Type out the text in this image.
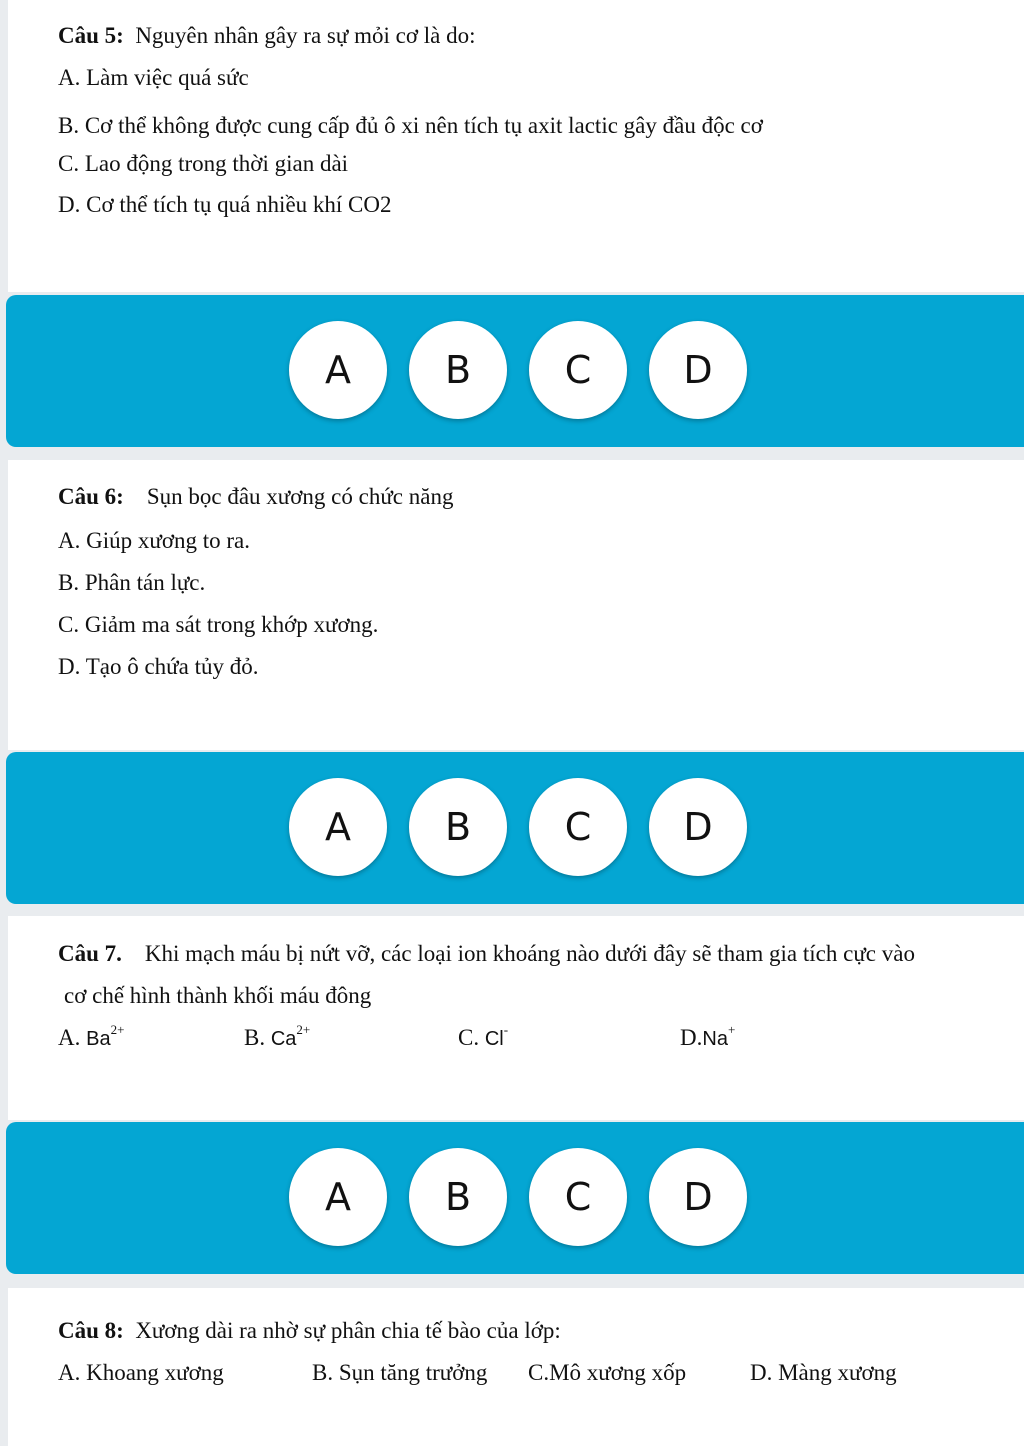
Câu 5: Nguyên nhân gây ra sự mỏi cơ là do:
A. Làm việc quá sức
B. Cơ thể không được cung cấp đủ ô xi nên tích tụ axit lactic gây đầu độc cơ
C. Lao động trong thời gian dài
D. Cơ thể tích tụ quá nhiều khí CO2
A	B	C	D
Câu 6: Sụn bọc đâu xương có chức năng
A. Giúp xương to ra.
B. Phân tán lực.
C. Giảm ma sát trong khớp xương.
D. Tạo ô chứa tủy đỏ.
A	B	C	D
Câu 7. Khi mạch máu bị nứt vỡ, các loại ion khoáng nào dưới đây sẽ tham gia tích cực vào
cơ chế hình thành khối máu đông
A. $Ba^{2+}$	B. $Ca^{2+}$	C. Cl-	D.Na+
A	B	C	D
Câu 8: Xương dài ra nhờ sự phân chia tế bào của lớp:
A. Khoang xương	B. Sụn tăng trưởng C.Mô xương xốp	D. Màng xương
